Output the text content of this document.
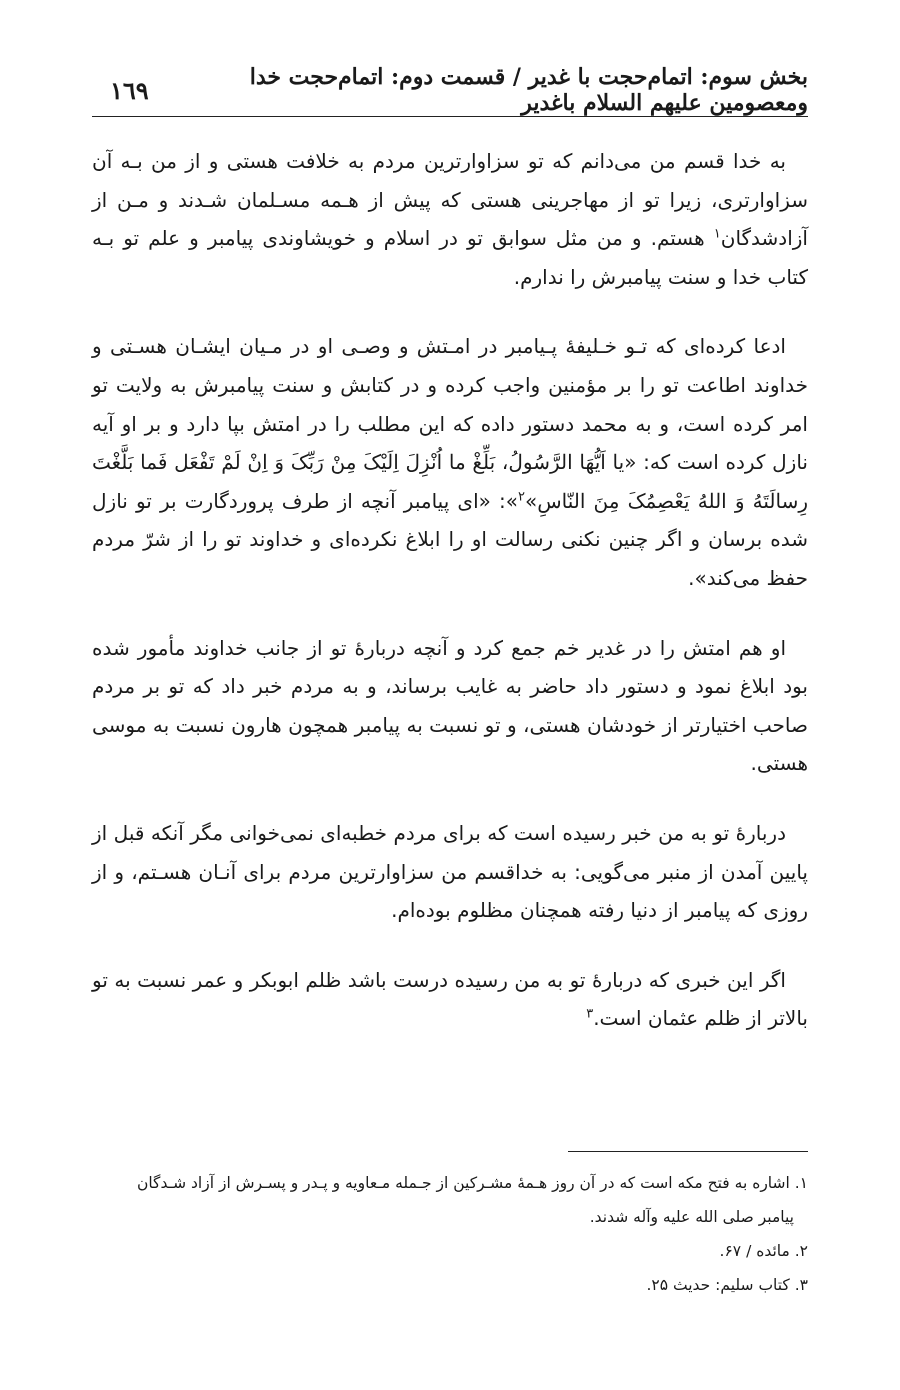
بخش سوم: اتمام‌حجت با غدیر / قسمت دوم: اتمام‌حجت خدا ومعصومین علیهم السلام باغدیر
١٦٩

به خدا قسم من می‌دانم که تو سزاوارترین مردم به خلافت هستی و از من بـه آن سزاوارتری، زیرا تو از مهاجرینی هستی که پیش از هـمه مسـلمان شـدند و مـن از آزادشدگان$^١$ هستم. و من مثل سوابق تو در اسلام و خویشاوندی پیامبر و علم تو بـه کتاب خدا و سنت پیامبرش را ندارم.

ادعا کرده‌ای که تـو خـلیفهٔ پـیامبر در امـتش و وصـی او در مـیان ایشـان هسـتی و خداوند اطاعت تو را بر مؤمنین واجب کرده و در کتابش و سنت پیامبرش به ولایت تو امر کرده است، و به محمد دستور داده که این مطلب را در امتش بپا دارد و بر او آیه نازل کرده است که: «یا اَیُّهَا الرَّسُولُ، بَلِّغْ ما اُنْزِلَ اِلَیْکَ مِنْ رَبِّکَ وَ اِنْ لَمْ تَفْعَل فَما بَلَّغْتَ رِسالَتَهُ وَ اللهُ یَعْصِمُکَ مِنَ النّاسِ»$^٢$»: «ای پیامبر آنچه از طرف پروردگارت بر تو نازل شده برسان و اگر چنین نکنی رسالت او را ابلاغ نکرده‌ای و خداوند تو را از شرّ مردم حفظ می‌کند».

او هم امتش را در غدیر خم جمع کرد و آنچه دربارهٔ تو از جانب خداوند مأمور شده بود ابلاغ نمود و دستور داد حاضر به غایب برساند، و به مردم خبر داد که تو بر مردم صاحب اختیارتر از خودشان هستی، و تو نسبت به پیامبر همچون هارون نسبت به موسی هستی.

دربارهٔ تو به من خبر رسیده است که برای مردم خطبه‌ای نمی‌خوانی مگر آنکه قبل از پایین آمدن از منبر می‌گویی: به خداقسم من سزاوارترین مردم برای آنـان هسـتم، و از روزی که پیامبر از دنیا رفته همچنان مظلوم بوده‌ام.

اگر این خبری که دربارهٔ تو به من رسیده درست باشد ظلم ابوبکر و عمر نسبت به تو بالاتر از ظلم عثمان است.$^٣$

١. اشاره به فتح مکه است که در آن روز هـمهٔ مشـرکین از جـمله مـعاویه و پـدر و پسـرش از آزاد شـدگان
پیامبر صلی الله علیه وآله شدند.

٢. مائده / ۶٧.

٣. کتاب سلیم: حدیث ٢۵.
